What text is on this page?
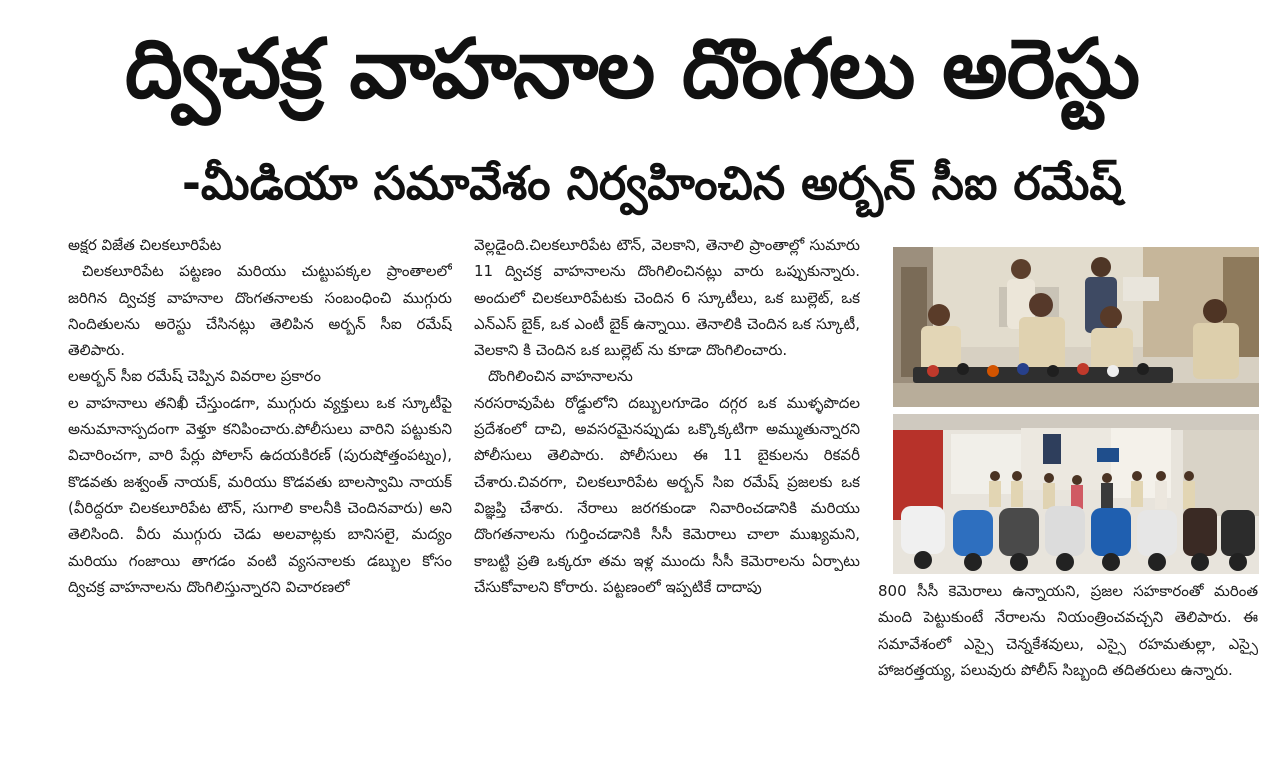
ద్విచక్ర వాహనాల దొంగలు అరెస్టు
-మీడియా సమావేశం నిర్వహించిన అర్బన్ సీఐ రమేష్

అక్షర విజేత చిలకలూరిపేట

చిలకలూరిపేట పట్టణం మరియు చుట్టుపక్కల ప్రాంతాలలో జరిగిన ద్విచక్ర వాహనాల దొంగతనాలకు సంబంధించి ముగ్గురు నిందితులను అరెస్టు చేసినట్లు తెలిపిన అర్బన్ సీఐ రమేష్ తెలిపారు.

లఅర్బన్ సీఐ రమేష్ చెప్పిన వివరాల ప్రకారం

ల వాహనాలు తనిఖీ చేస్తుండగా, ముగ్గురు వ్యక్తులు ఒక స్కూటీపై అనుమానాస్పదంగా వెళ్తూ కనిపించారు.పోలీసులు వారిని పట్టుకుని విచారించగా, వారి పేర్లు పోలాస్ ఉదయకిరణ్ (పురుషోత్తంపట్నం), కొడవతు జశ్వంత్ నాయక్, మరియు కొడవతు బాలస్వామి నాయక్ (వీరిద్దరూ చిలకలూరిపేట టౌన్, సుగాలి కాలనీకి చెందినవారు) అని తెలిసింది. వీరు ముగ్గురు చెడు అలవాట్లకు బానిసలై, మద్యం మరియు గంజాయి తాగడం వంటి వ్యసనాలకు డబ్బుల కోసం ద్విచక్ర వాహనాలను దొంగిలిస్తున్నారని విచారణలో

వెల్లడైంది.చిలకలూరిపేట టౌన్, వెలకాని, తెనాలి ప్రాంతాల్లో సుమారు 11 ద్విచక్ర వాహనాలను దొంగిలించినట్లు వారు ఒప్పుకున్నారు. అందులో చిలకలూరిపేటకు చెందిన 6 స్కూటీలు, ఒక బుల్లెట్, ఒక ఎన్ఎస్ బైక్, ఒక ఎంటీ బైక్ ఉన్నాయి. తెనాలికి చెందిన ఒక స్కూటీ, వెలకాని కి చెందిన ఒక బుల్లెట్ ను కూడా దొంగిలించారు.

దొంగిలించిన వాహనాలను

నరసరావుపేట రోడ్డులోని దబ్బులగూడెం దగ్గర ఒక ముళ్ళపొదల ప్రదేశంలో దాచి, అవసరమైనప్పుడు ఒక్కొక్కటిగా అమ్ముతున్నారని పోలీసులు తెలిపారు. పోలీసులు ఈ 11 బైకులను రికవరీ చేశారు.చివరగా, చిలకలూరిపేట అర్బన్ సిఐ రమేష్ ప్రజలకు ఒక విజ్ఞప్తి చేశారు. నేరాలు జరగకుండా నివారించడానికి మరియు దొంగతనాలను గుర్తించడానికి సీసీ కెమెరాలు చాలా ముఖ్యమని, కాబట్టి ప్రతి ఒక్కరూ తమ ఇళ్ల ముందు సీసీ కెమెరాలను ఏర్పాటు చేసుకోవాలని కోరారు. పట్టణంలో ఇప్పటికే దాదాపు	800 సీసీ కెమెరాలు ఉన్నాయని, ప్రజల సహకారంతో మరింత మంది పెట్టుకుంటే నేరాలను నియంత్రించవచ్చని తెలిపారు. ఈ సమావేశంలో ఎస్సై చెన్నకేశవులు, ఎస్సై రహమతుల్లా, ఎస్సై హాజరత్తయ్య, పలువురు పోలీస్ సిబ్బంది తదితరులు ఉన్నారు.
